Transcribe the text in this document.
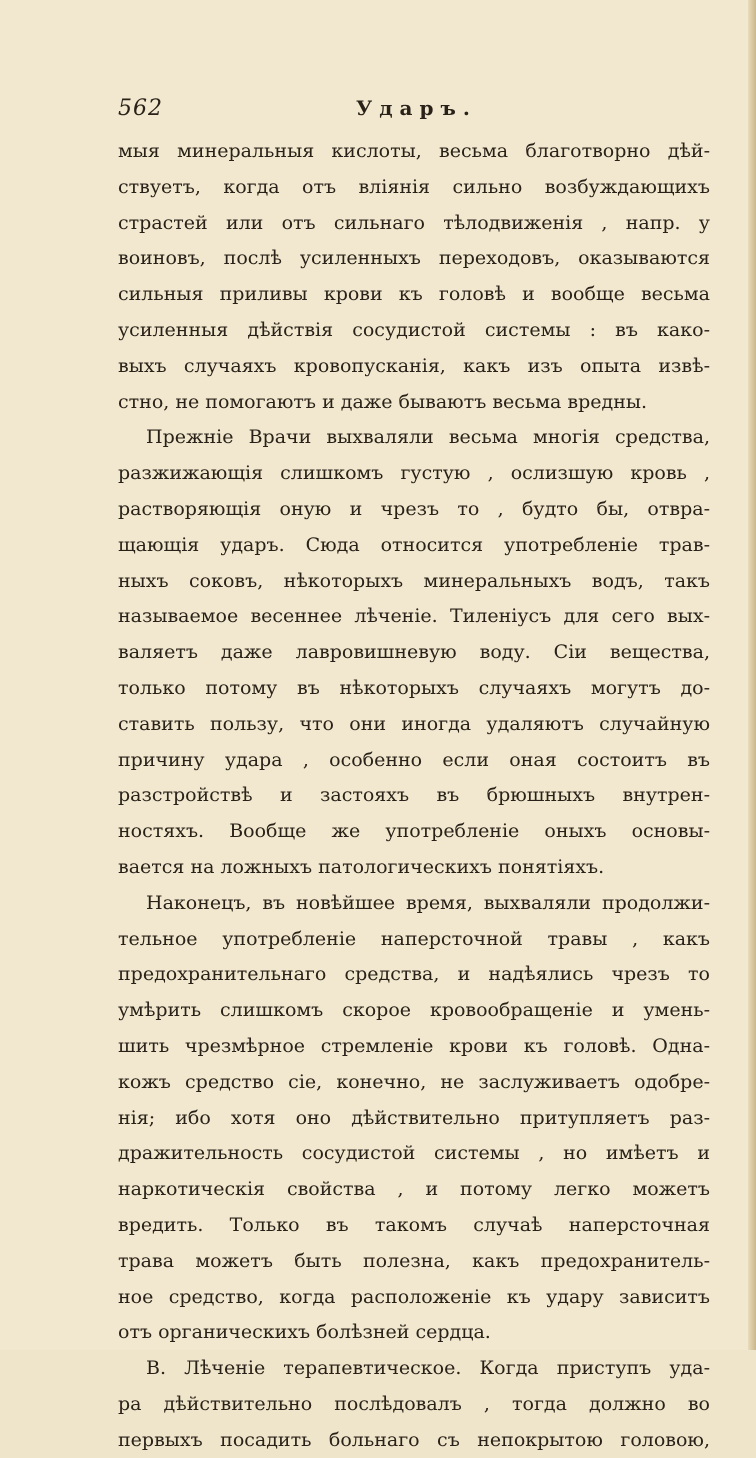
562	Ударъ.
мыя минеральныя кислоты, весьма благотворно дѣй-
ствуетъ, когда отъ вліянія сильно возбуждающихъ
страстей или отъ сильнаго тѣлодвиженія , напр. у
воиновъ, послѣ усиленныхъ переходовъ, оказываются
сильныя приливы крови къ головѣ и вообще весьма
усиленныя дѣйствія сосудистой системы : въ како-
выхъ случаяхъ кровопусканія, какъ изъ опыта извѣ-
стно, не помогаютъ и даже бываютъ весьма вредны.
Прежніе Врачи выхваляли весьма многія средства,
разжижающія слишкомъ густую , ослизшую кровь ,
растворяющія оную и чрезъ то , будто бы, отвра-
щающія ударъ. Сюда относится употребленіе трав-
ныхъ соковъ, нѣкоторыхъ минеральныхъ водъ, такъ
называемое весеннее лѣченіе. Тиленіусъ для сего вых-
валяетъ даже лавровишневую воду. Сіи вещества,
только потому въ нѣкоторыхъ случаяхъ могутъ до-
ставить пользу, что они иногда удаляютъ случайную
причину удара , особенно если оная состоитъ въ
разстройствѣ и застояхъ въ брюшныхъ внутрен-
ностяхъ. Вообще же употребленіе оныхъ основы-
вается на ложныхъ патологическихъ понятіяхъ.
Наконецъ, въ новѣйшее время, выхваляли продолжи-
тельное употребленіе наперсточной травы , какъ
предохранительнаго средства, и надѣялись чрезъ то
умѣрить слишкомъ скорое кровообращеніе и умень-
шить чрезмѣрное стремленіе крови къ головѣ. Одна-
кожъ средство сіе, конечно, не заслуживаетъ одобре-
нія; ибо хотя оно дѣйствительно притупляетъ раз-
дражительность сосудистой системы , но имѣетъ и
наркотическія свойства , и потому легко можетъ
вредить. Только въ такомъ случаѣ наперсточная
трава можетъ быть полезна, какъ предохранитель-
ное средство, когда расположеніе къ удару зависитъ
отъ органическихъ болѣзней сердца.
В. Лѣченіе терапевтическое. Когда приступъ уда-
ра дѣйствительно послѣдовалъ , тогда должно во
первыхъ посадить больнаго съ непокрытою головою,
